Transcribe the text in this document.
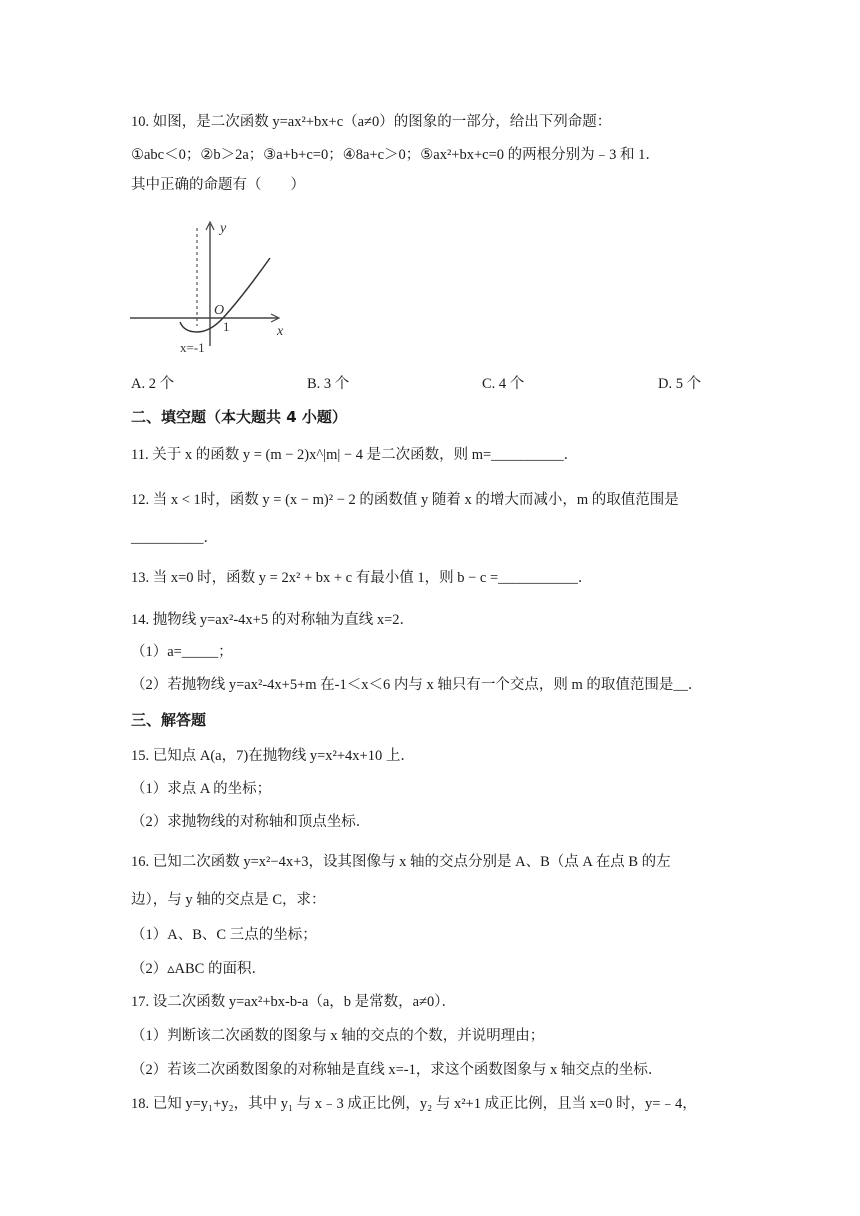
10. 如图，是二次函数 y=ax²+bx+c（a≠0）的图象的一部分，给出下列命题：
①abc＜0；②b＞2a；③a+b+c=0；④8a+c＞0；⑤ax²+bx+c=0 的两根分别为﹣3 和 1．
其中正确的命题有（　　）
y
x
O
1
x=-1
A. 2 个	B. 3 个	C. 4 个	D. 5 个
二、填空题（本大题共 4 小题）
11. 关于 x 的函数 y = (m − 2)x^|m| − 4 是二次函数，则 m=__________．
12. 当 x < 1时，函数 y = (x − m)² − 2 的函数值 y 随着 x 的增大而减小，m 的取值范围是
__________．
13. 当 x=0 时，函数 y = 2x² + bx + c 有最小值 1，则 b − c =___________．
14. 抛物线 y=ax²-4x+5 的对称轴为直线 x=2．
（1）a=_____；
（2）若抛物线 y=ax²-4x+5+m 在-1＜x＜6 内与 x 轴只有一个交点，则 m 的取值范围是__．
三、解答题
15. 已知点 A(a，7)在抛物线 y=x²+4x+10 上．
（1）求点 A 的坐标；
（2）求抛物线的对称轴和顶点坐标．
16. 已知二次函数 y=x²−4x+3，设其图像与 x 轴的交点分别是 A、B（点 A 在点 B 的左
边），与 y 轴的交点是 C，求：
（1）A、B、C 三点的坐标；
（2）▵ABC 的面积．
17. 设二次函数 y=ax²+bx-b-a（a，b 是常数，a≠0）．
（1）判断该二次函数的图象与 x 轴的交点的个数，并说明理由；
（2）若该二次函数图象的对称轴是直线 x=-1，求这个函数图象与 x 轴交点的坐标．
18. 已知 y=y₁+y₂，其中 y₁ 与 x﹣3 成正比例，y₂ 与 x²+1 成正比例，且当 x=0 时，y=﹣4，
